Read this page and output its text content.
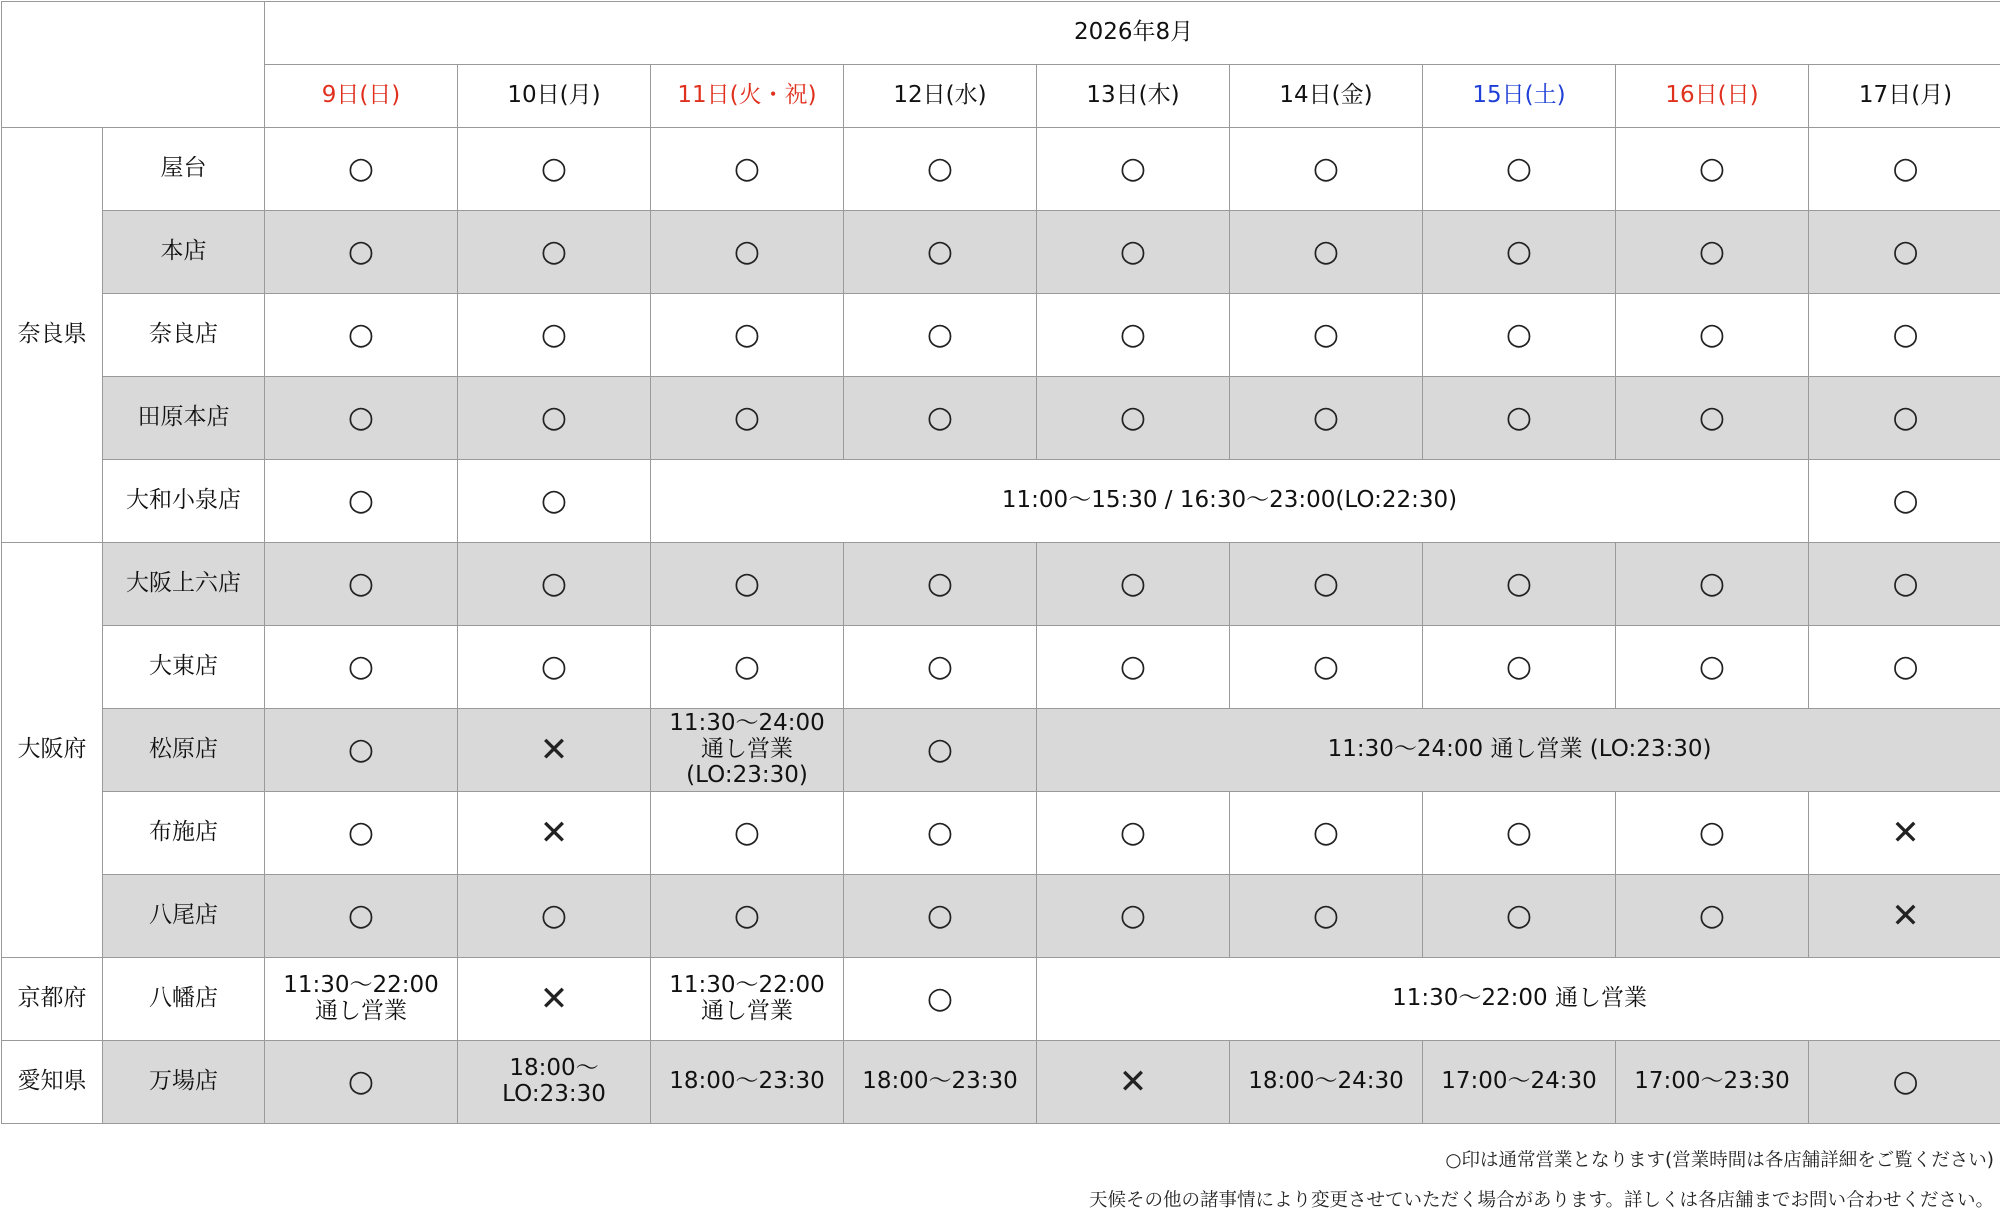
		2026年8月									
		9日(日)	10日(月)	11日(火・祝)	12日(水)	13日(木)	14日(金)	15日(土)	16日(日)	17日(月)	
奈良県	屋台	○	○	○	○	○	○	○	○	○	
	本店	○	○	○	○	○	○	○	○	○	
	奈良店	○	○	○	○	○	○	○	○	○	
	田原本店	○	○	○	○	○	○	○	○	○	
	大和小泉店	○	○	11:00〜15:30 / 16:30〜23:00(LO:22:30)						○	
大阪府	大阪上六店	○	○	○	○	○	○	○	○	○	
	大東店	○	○	○	○	○	○	○	○	○	
	松原店	○	✕	11:30〜24:00
通し営業
(LO:23:30)	○	11:30〜24:00 通し営業 (LO:23:30)	
	布施店	○	✕	○	○	○	○	○	○	✕	
	八尾店	○	○	○	○	○	○	○	○	✕	
京都府	八幡店	11:30〜22:00
通し営業	✕	11:30〜22:00
通し営業	○	11:30〜22:00 通し営業	
愛知県	万場店	○	18:00〜LO:23:30	18:00〜23:30	18:00〜23:30	✕	18:00〜24:30	17:00〜24:30	17:00〜23:30	○	
○印は通常営業となります(営業時間は各店舗詳細をご覧ください)
天候その他の諸事情により変更させていただく場合があります。詳しくは各店舗までお問い合わせください。
